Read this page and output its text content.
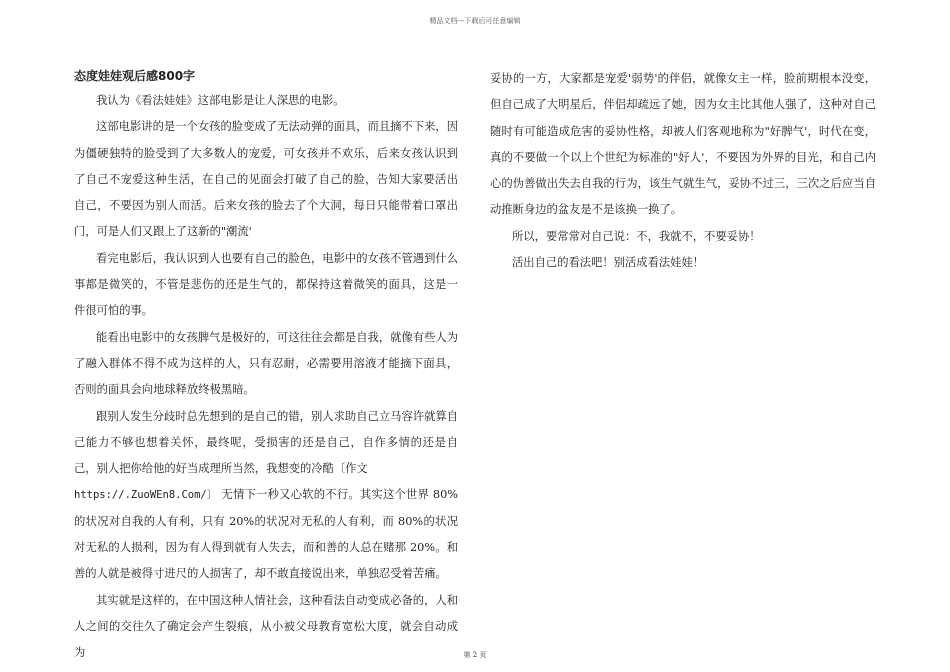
精品文档---下载后可任意编辑
态度娃娃观后感800字

我认为《看法娃娃》这部电影是让人深思的电影。

这部电影讲的是一个女孩的脸变成了无法动弹的面具，而且摘不下来，因为僵硬独特的脸受到了大多数人的宠爱，可女孩并不欢乐，后来女孩认识到了自己不宠爱这种生活，在自己的见面会打破了自己的脸，告知大家要活出自己，不要因为别人而活。后来女孩的脸去了个大洞，每日只能带着口罩出门，可是人们又跟上了这新的"潮流'

看完电影后，我认识到人也要有自己的脸色，电影中的女孩不管遇到什么事都是微笑的，不管是悲伤的还是生气的，都保持这着微笑的面具，这是一件很可怕的事。

能看出电影中的女孩脾气是极好的，可这往往会都是自我，就像有些人为了融入群体不得不成为这样的人，只有忍耐，必需要用溶液才能摘下面具，否则的面具会向地球释放终极黑暗。

跟别人发生分歧时总先想到的是自己的错，别人求助自己立马容许就算自己能力不够也想着关怀，最终呢，受损害的还是自己，自作多情的还是自己，别人把你给他的好当成理所当然，我想变的冷酷〔作文
https://.ZuoWEn8.Com/〕 无情下一秒又心软的不行。其实这个世界 80%的状况对自我的人有利，只有 20%的状况对无私的人有利，而 80%的状况对无私的人损利，因为有人得到就有人失去，而和善的人总在赌那 20%。和善的人就是被得寸进尺的人损害了，却不敢直接说出来，单独忍受着苦痛。

其实就是这样的，在中国这种人情社会，这种看法自动变成必备的，人和人之间的交往久了确定会产生裂痕，从小被父母教育宽松大度，就会自动成为

妥协的一方，大家都是宠爱'弱势'的伴侣，就像女主一样，脸前期根本没变，但自己成了大明星后，伴侣却疏远了她，因为女主比其他人强了，这种对自己随时有可能造成危害的妥协性格，却被人们客观地称为"好脾气'，时代在变，真的不要做一个以上个世纪为标准的"好人'，不要因为外界的目光，和自己内心的伪善做出失去自我的行为，该生气就生气，妥协不过三，三次之后应当自动推断身边的盆友是不是该换一换了。

所以，要常常对自己说：不，我就不，不要妥协！

活出自己的看法吧！别活成看法娃娃！

第 2 页
